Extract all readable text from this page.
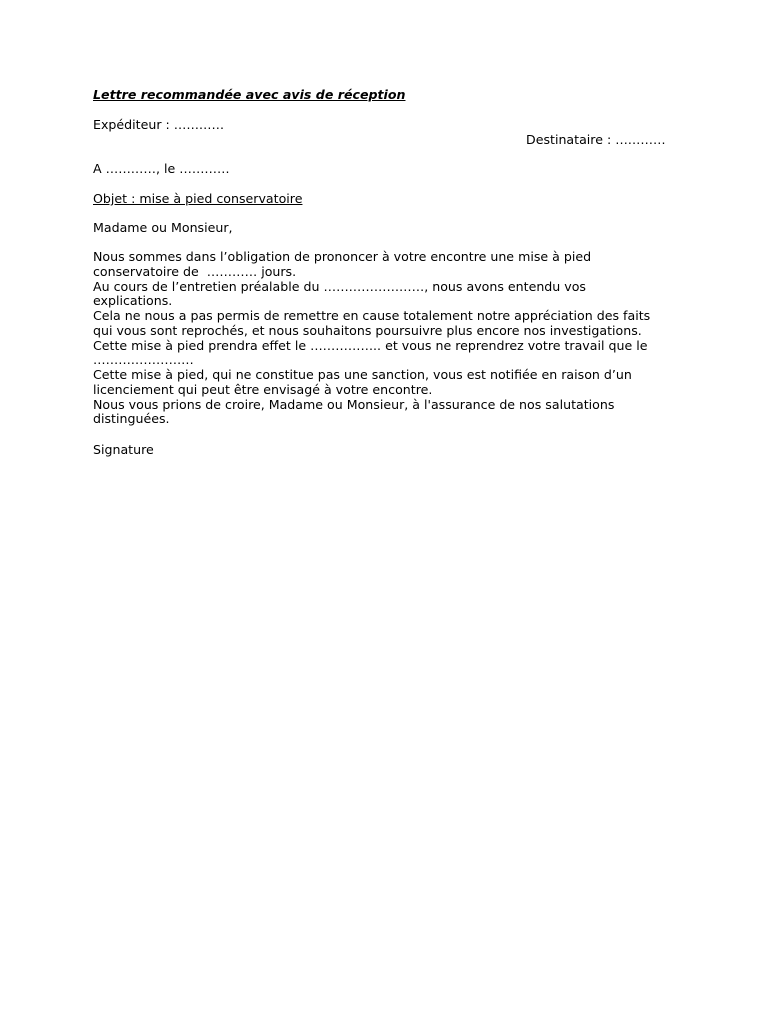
Lettre recommandée avec avis de réception
Expéditeur : …………
Destinataire : …………
A …………, le …………
Objet : mise à pied conservatoire
Madame ou Monsieur,
Nous sommes dans l’obligation de prononcer à votre encontre une mise à pied
conservatoire de  ………… jours.
Au cours de l’entretien préalable du ……………………, nous avons entendu vos
explications.
Cela ne nous a pas permis de remettre en cause totalement notre appréciation des faits
qui vous sont reprochés, et nous souhaitons poursuivre plus encore nos investigations.
Cette mise à pied prendra effet le …………….. et vous ne reprendrez votre travail que le
……………………
Cette mise à pied, qui ne constitue pas une sanction, vous est notifiée en raison d’un
licenciement qui peut être envisagé à votre encontre.
Nous vous prions de croire, Madame ou Monsieur, à l'assurance de nos salutations
distinguées.
Signature
